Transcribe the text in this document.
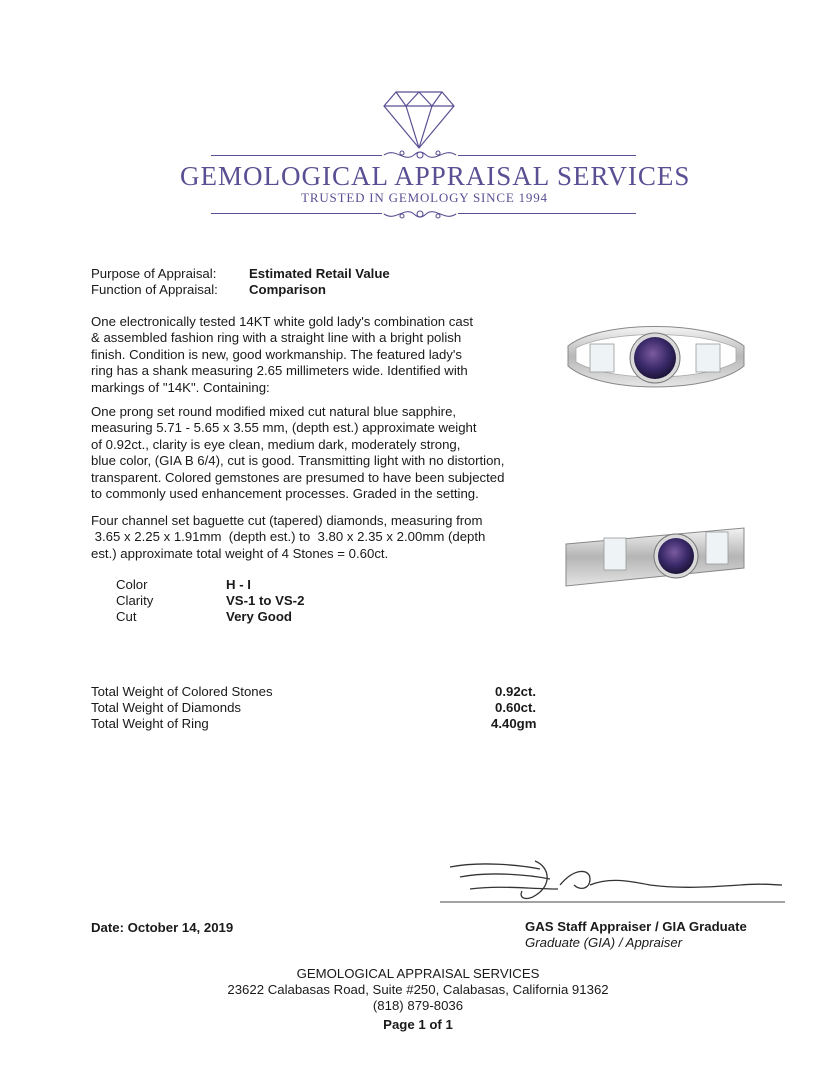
GEMOLOGICAL APPRAISAL SERVICES
TRUSTED IN GEMOLOGY SINCE 1994
Purpose of Appraisal: Estimated Retail Value
Function of Appraisal: Comparison
One electronically tested 14KT white gold lady's combination cast
& assembled fashion ring with a straight line with a bright polish
finish. Condition is new, good workmanship. The featured lady's
ring has a shank measuring 2.65 millimeters wide. Identified with
markings of "14K". Containing:
One prong set round modified mixed cut natural blue sapphire,
measuring 5.71 - 5.65 x 3.55 mm, (depth est.) approximate weight
of 0.92ct., clarity is eye clean, medium dark, moderately strong,
blue color, (GIA B 6/4), cut is good. Transmitting light with no distortion,
transparent. Colored gemstones are presumed to have been subjected
to commonly used enhancement processes. Graded in the setting.
Four channel set baguette cut (tapered) diamonds, measuring from
3.65 x 2.25 x 1.91mm  (depth est.) to  3.80 x 2.35 x 2.00mm (depth
est.) approximate total weight of 4 Stones = 0.60ct.
Color	H - I
Clarity	VS-1 to VS-2
Cut	Very Good
Total Weight of Colored Stones	0.92ct.
Total Weight of Diamonds	0.60ct.
Total Weight of Ring	4.40gm
Date: October 14, 2019	GAS Staff Appraiser / GIA Graduate
Graduate (GIA) / Appraiser
GEMOLOGICAL APPRAISAL SERVICES
23622 Calabasas Road, Suite #250, Calabasas, California 91362
(818) 879-8036
Page 1 of 1
